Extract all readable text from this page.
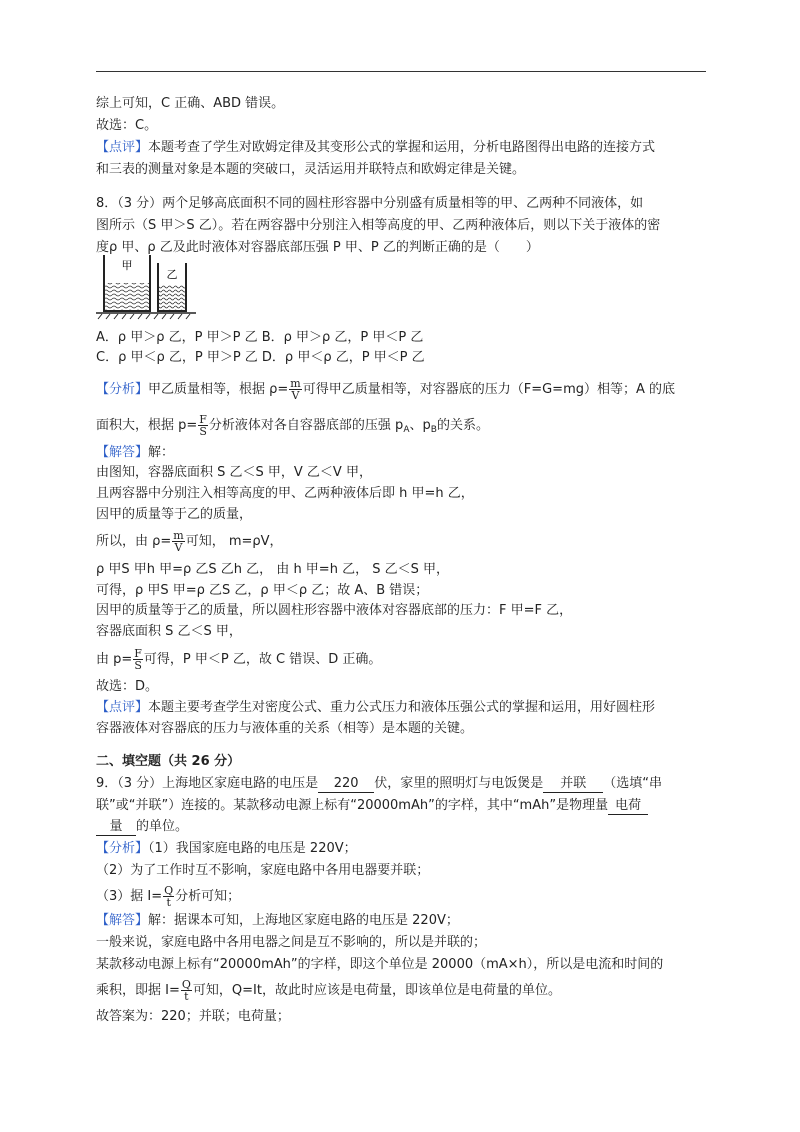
综上可知，C 正确、ABD 错误。
故选：C。
【点评】本题考查了学生对欧姆定律及其变形公式的掌握和运用，分析电路图得出电路的连接方式
和三表的测量对象是本题的突破口，灵活运用并联特点和欧姆定律是关键。
8．（3 分）两个足够高底面积不同的圆柱形容器中分别盛有质量相等的甲、乙两种不同液体，如
图所示（S 甲＞S 乙）。若在两容器中分别注入相等高度的甲、乙两种液体后，则以下关于液体的密
度ρ 甲、ρ 乙及此时液体对容器底部压强 P 甲、P 乙的判断正确的是（　　）
甲
乙
A．ρ 甲＞ρ 乙，P 甲＞P 乙 B．ρ 甲＞ρ 乙，P 甲＜P 乙
C．ρ 甲＜ρ 乙，P 甲＞P 乙 D．ρ 甲＜ρ 乙，P 甲＜P 乙
【分析】甲乙质量相等，根据 $\rho= \frac{m}{V}$ 可得甲乙质量相等，对容器底的压力（F=G=mg）相等；A 的底
面积大，根据 $p= \frac{F}{S}$ 分析液体对各自容器底部的压强 $p_A$、$p_B$的关系。
【解答】解：
由图知，容器底面积 S 乙＜S 甲，V 乙＜V 甲，
且两容器中分别注入相等高度的甲、乙两种液体后即 h 甲=h 乙，
因甲的质量等于乙的质量，
所以，由 $\rho= \frac{m}{V}$ 可知， m=ρV，
ρ 甲S 甲h 甲=ρ 乙S 乙h 乙， 由 h 甲=h 乙， S 乙＜S 甲，
可得，ρ 甲S 甲=ρ 乙S 乙，ρ 甲＜ρ 乙；故 A、B 错误；
因甲的质量等于乙的质量，所以圆柱形容器中液体对容器底部的压力：F 甲=F 乙，
容器底面积 S 乙＜S 甲，
由 $p= \frac{F}{S}$ 可得，P 甲＜P 乙，故 C 错误、D 正确。
故选：D。
【点评】本题主要考查学生对密度公式、重力公式压力和液体压强公式的掌握和运用，用好圆柱形
容器液体对容器底的压力与液体重的关系（相等）是本题的关键。
二、填空题（共 26 分）
9．（3 分）上海地区家庭电路的电压是 220 伏，家里的照明灯与电饭煲是 并联 （选填“串
联”或“并联”）连接的。某款移动电源上标有“20000mAh”的字样，其中“mAh”是物理量 电荷
量 的单位。
【分析】（1）我国家庭电路的电压是 220V；
（2）为了工作时互不影响，家庭电路中各用电器要并联；
（3）据 $I= \frac{Q}{t}$ 分析可知；
【解答】解：据课本可知，上海地区家庭电路的电压是 220V；
一般来说，家庭电路中各用电器之间是互不影响的，所以是并联的；
某款移动电源上标有“20000mAh”的字样，即这个单位是 20000（mA×h），所以是电流和时间的
乘积，即据 $I= \frac{Q}{t}$ 可知，Q=It，故此时应该是电荷量，即该单位是电荷量的单位。
故答案为：220；并联；电荷量；
